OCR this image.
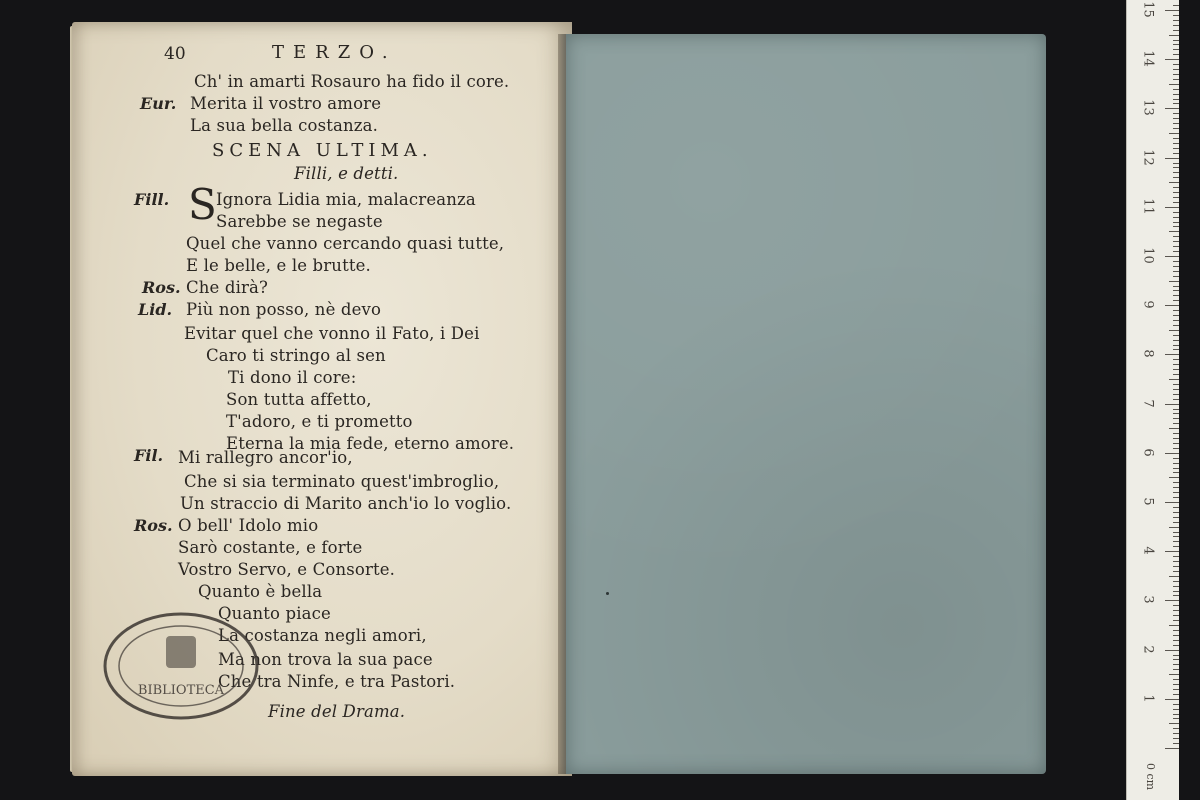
40	TERZO.
Ch' in amarti Rosauro ha fido il core.
Eur. Merita il vostro amore
La sua bella costanza.
SCENA ULTIMA.
Filli, e detti.
Fill. S Ignora Lidia mia, malacreanza
Sarebbe se negaste
Quel che vanno cercando quasi tutte,
E le belle, e le brutte.
Ros. Che dirà?
Lid. Più non posso, nè devo
Evitar quel che vonno il Fato, i Dei
Caro ti stringo al sen
Ti dono il core:
Son tutta affetto,
T'adoro, e ti prometto
Eterna la mia fede, eterno amore.
Fil. Mi rallegro ancor'io,
Che si sia terminato quest'imbroglio,
Un straccio di Marito anch'io lo voglio.
Ros. O bell' Idolo mio
Sarò costante, e forte
Vostro Servo, e Consorte.
Quanto è bella
Quanto piace
La costanza negli amori,
Ma non trova la sua pace
Che tra Ninfe, e tra Pastori.
Fine del Drama.
BIBLIOTECA
0 cm
1
2
3
4
5
6
7
8
9
10
11
12
13
14
15
